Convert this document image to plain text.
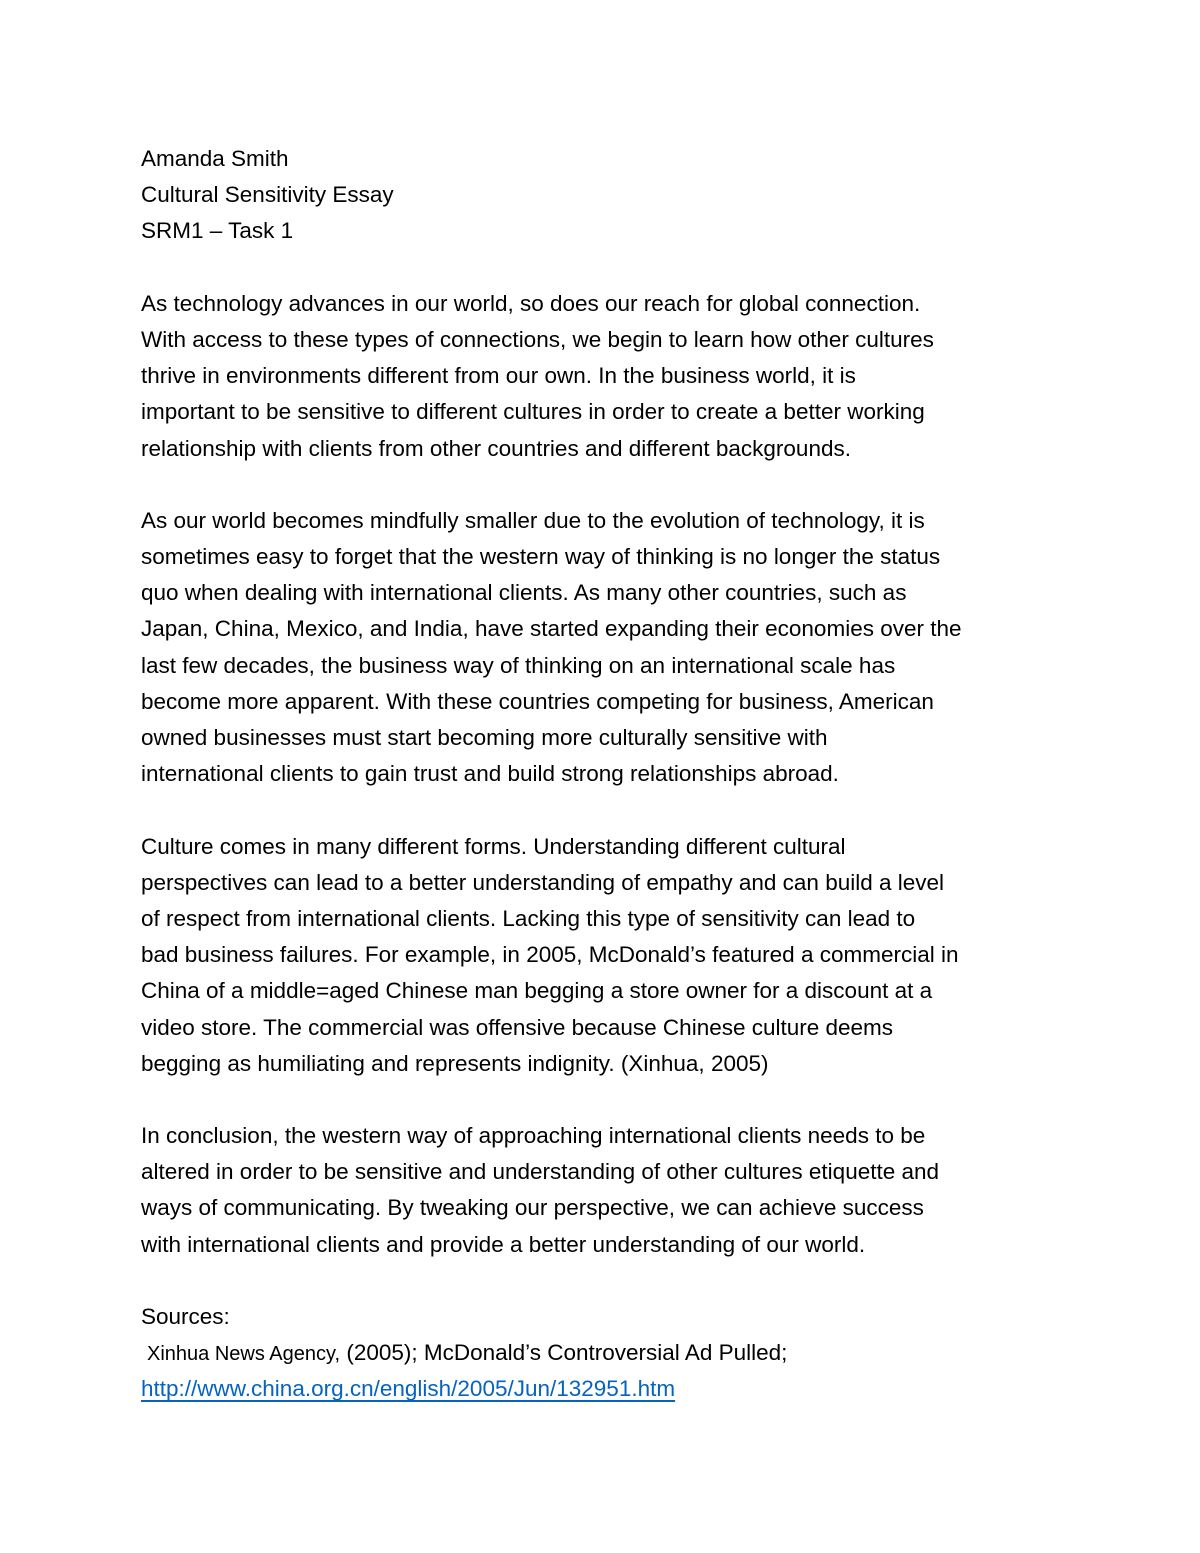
Amanda Smith
Cultural Sensitivity Essay
SRM1 – Task 1
As technology advances in our world, so does our reach for global connection.
With access to these types of connections, we begin to learn how other cultures
thrive in environments different from our own. In the business world, it is
important to be sensitive to different cultures in order to create a better working
relationship with clients from other countries and different backgrounds.
As our world becomes mindfully smaller due to the evolution of technology, it is
sometimes easy to forget that the western way of thinking is no longer the status
quo when dealing with international clients. As many other countries, such as
Japan, China, Mexico, and India, have started expanding their economies over the
last few decades, the business way of thinking on an international scale has
become more apparent. With these countries competing for business, American
owned businesses must start becoming more culturally sensitive with
international clients to gain trust and build strong relationships abroad.
Culture comes in many different forms. Understanding different cultural
perspectives can lead to a better understanding of empathy and can build a level
of respect from international clients. Lacking this type of sensitivity can lead to
bad business failures. For example, in 2005, McDonald’s featured a commercial in
China of a middle=aged Chinese man begging a store owner for a discount at a
video store. The commercial was offensive because Chinese culture deems
begging as humiliating and represents indignity. (Xinhua, 2005)
In conclusion, the western way of approaching international clients needs to be
altered in order to be sensitive and understanding of other cultures etiquette and
ways of communicating. By tweaking our perspective, we can achieve success
with international clients and provide a better understanding of our world.
Sources:
Xinhua News Agency, (2005); McDonald’s Controversial Ad Pulled;
http://www.china.org.cn/english/2005/Jun/132951.htm
